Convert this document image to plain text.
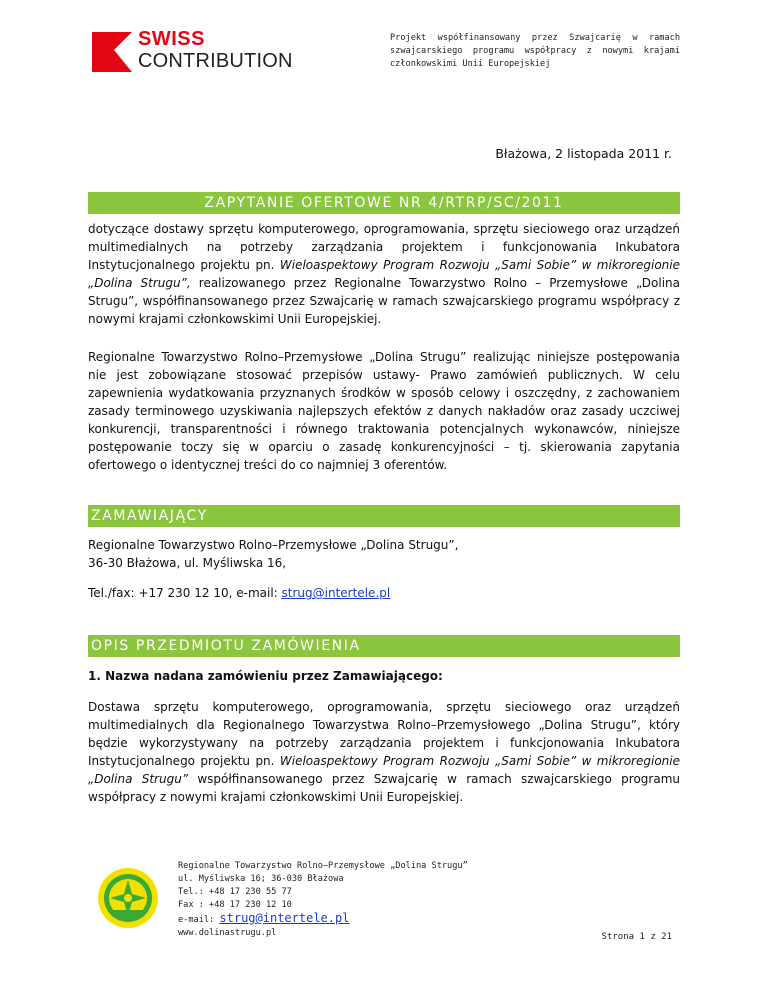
SWISS
CONTRIBUTION
Projekt współfinansowany przez Szwajcarię w ramach szwajcarskiego programu współpracy z nowymi krajami członkowskimi Unii Europejskiej
Błażowa, 2 listopada 2011 r.
ZAPYTANIE OFERTOWE NR 4/RTRP/SC/2011
dotyczące dostawy sprzętu komputerowego, oprogramowania, sprzętu sieciowego oraz urządzeń multimedialnych na potrzeby zarządzania projektem i funkcjonowania Inkubatora Instytucjonalnego projektu pn. Wieloaspektowy Program Rozwoju „Sami Sobie” w mikroregionie „Dolina Strugu”, realizowanego przez Regionalne Towarzystwo Rolno – Przemysłowe „Dolina Strugu”, współfinansowanego przez Szwajcarię w ramach szwajcarskiego programu współpracy z nowymi krajami członkowskimi Unii Europejskiej.
Regionalne Towarzystwo Rolno–Przemysłowe „Dolina Strugu” realizując niniejsze postępowania nie jest zobowiązane stosować przepisów ustawy- Prawo zamówień publicznych. W celu zapewnienia wydatkowania przyznanych środków w sposób celowy i oszczędny, z zachowaniem zasady terminowego uzyskiwania najlepszych efektów z danych nakładów oraz zasady uczciwej konkurencji, transparentności i równego traktowania potencjalnych wykonawców, niniejsze postępowanie toczy się w oparciu o zasadę konkurencyjności – tj. skierowania zapytania ofertowego o identycznej treści do co najmniej 3 oferentów.
ZAMAWIAJĄCY
Regionalne Towarzystwo Rolno–Przemysłowe „Dolina Strugu”,
36-30 Błażowa, ul. Myśliwska 16,
Tel./fax: +17 230 12 10, e-mail: strug@intertele.pl
OPIS PRZEDMIOTU ZAMÓWIENIA
1. Nazwa nadana zamówieniu przez Zamawiającego:
Dostawa sprzętu komputerowego, oprogramowania, sprzętu sieciowego oraz urządzeń multimedialnych dla Regionalnego Towarzystwa Rolno–Przemysłowego „Dolina Strugu”, który będzie wykorzystywany na potrzeby zarządzania projektem i funkcjonowania Inkubatora Instytucjonalnego projektu pn. Wieloaspektowy Program Rozwoju „Sami Sobie” w mikroregionie „Dolina Strugu” współfinansowanego przez Szwajcarię w ramach szwajcarskiego programu współpracy z nowymi krajami członkowskimi Unii Europejskiej.
Regionalne Towarzystwo Rolno–Przemysłowe „Dolina Strugu”
ul. Myśliwska 16; 36-030 Błażowa
Tel.: +48 17 230 55 77
Fax : +48 17 230 12 10
e-mail: strug@intertele.pl
www.dolinastrugu.pl	Strona 1 z 21
